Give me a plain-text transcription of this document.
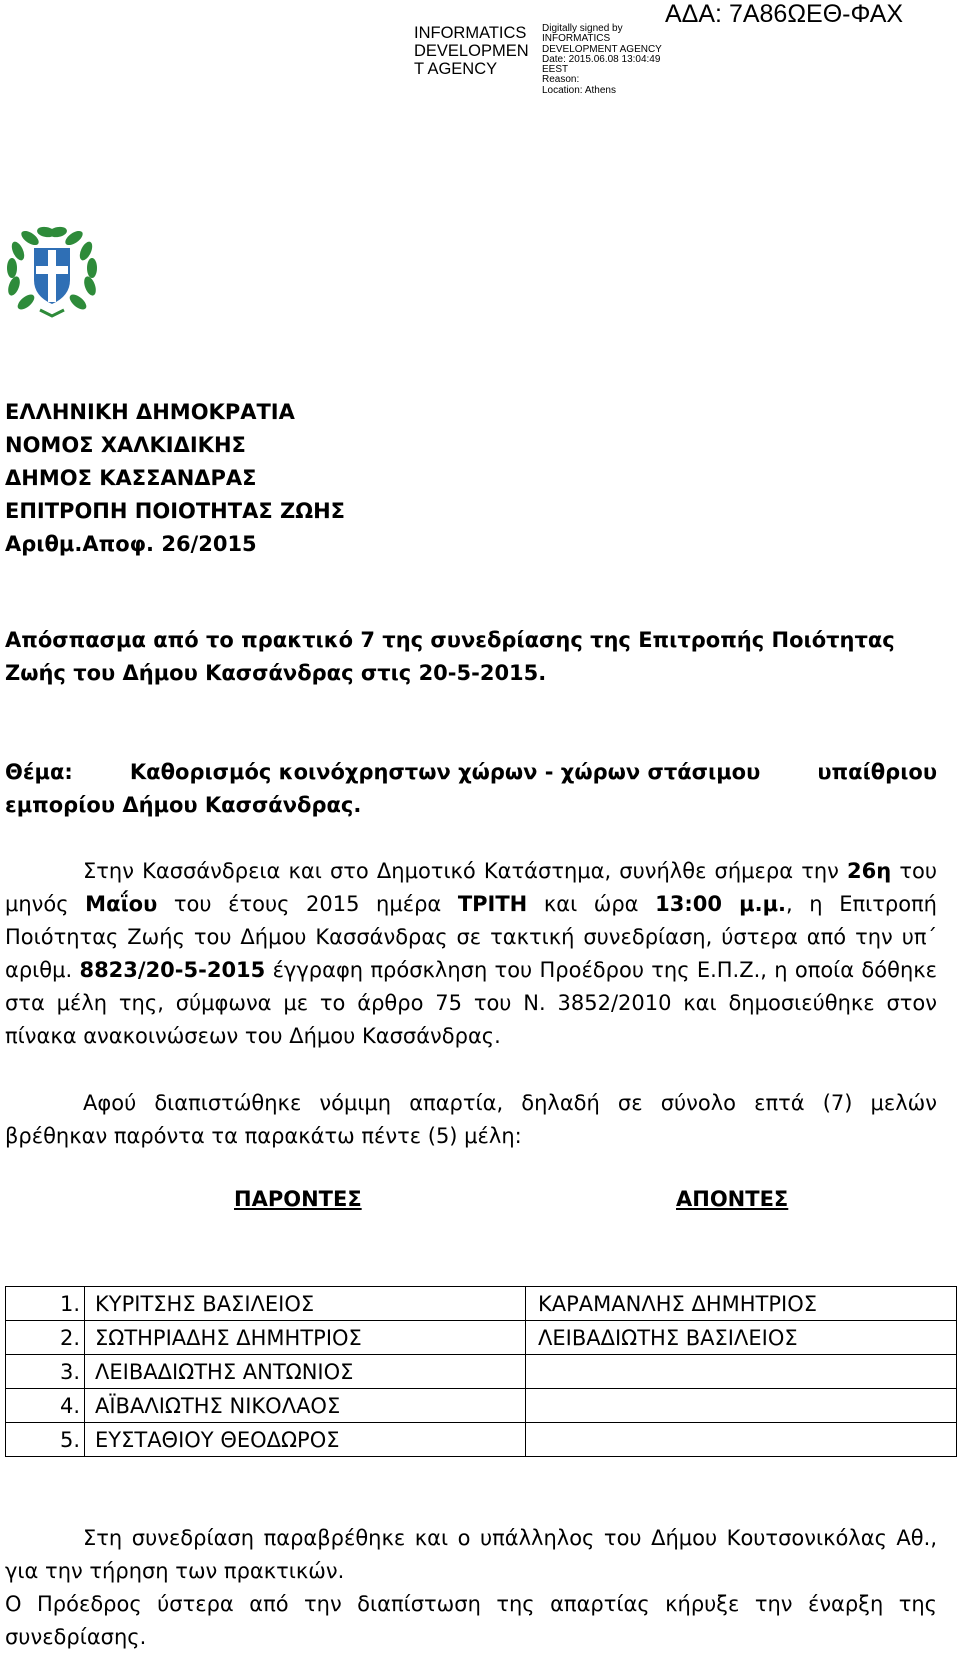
ΑΔΑ: 7Α86ΩΕΘ-ΦΑΧ
INFORMATICS
DEVELOPMEN
T AGENCY
Digitally signed by
INFORMATICS
DEVELOPMENT AGENCY
Date: 2015.06.08 13:04:49
EEST
Reason:
Location: Athens
ΕΛΛΗΝΙΚΗ ΔΗΜΟΚΡΑΤΙΑ
ΝΟΜΟΣ ΧΑΛΚΙΔΙΚΗΣ
ΔΗΜΟΣ ΚΑΣΣΑΝΔΡΑΣ
ΕΠΙΤΡΟΠΗ ΠΟΙΟΤΗΤΑΣ ΖΩΗΣ
Αριθμ.Αποφ. 26/2015
Απόσπασμα από το πρακτικό 7 της συνεδρίασης της Επιτροπής Ποιότητας Ζωής του Δήμου Κασσάνδρας στις 20-5-2015.
Θέμα:	Καθορισμός κοινόχρηστων χώρων - χώρων στάσιμου	υπαίθριου
εμπορίου Δήμου Κασσάνδρας.
Στην Κασσάνδρεια και στο Δημοτικό Κατάστημα, συνήλθε σήμερα την 26η του μηνός Μαΐου του έτους 2015 ημέρα ΤΡΙΤΗ και ώρα 13:00 μ.μ., η Επιτροπή Ποιότητας Ζωής του Δήμου Κασσάνδρας σε τακτική συνεδρίαση, ύστερα από την υπ΄ αριθμ. 8823/20-5-2015 έγγραφη πρόσκληση του Προέδρου της Ε.Π.Ζ., η οποία δόθηκε στα μέλη της, σύμφωνα με το άρθρο 75 του Ν. 3852/2010 και δημοσιεύθηκε στον πίνακα ανακοινώσεων του Δήμου Κασσάνδρας.
Αφού διαπιστώθηκε νόμιμη απαρτία, δηλαδή σε σύνολο επτά (7) μελών βρέθηκαν παρόντα τα παρακάτω πέντε (5) μέλη:
ΠΑΡΟΝΤΕΣ	ΑΠΟΝΤΕΣ
1.	ΚΥΡΙΤΣΗΣ ΒΑΣΙΛΕΙΟΣ	ΚΑΡΑΜΑΝΛΗΣ ΔΗΜΗΤΡΙΟΣ
2.	ΣΩΤΗΡΙΑΔΗΣ ΔΗΜΗΤΡΙΟΣ	ΛΕΙΒΑΔΙΩΤΗΣ ΒΑΣΙΛΕΙΟΣ
3.	ΛΕΙΒΑΔΙΩΤΗΣ ΑΝΤΩΝΙΟΣ	
4.	ΑΪΒΑΛΙΩΤΗΣ ΝΙΚΟΛΑΟΣ	
5.	ΕΥΣΤΑΘΙΟΥ ΘΕΟΔΩΡΟΣ	
Στη συνεδρίαση παραβρέθηκε και ο υπάλληλος του Δήμου Κουτσονικόλας Αθ., για την τήρηση των πρακτικών.
Ο Πρόεδρος ύστερα από την διαπίστωση της απαρτίας κήρυξε την έναρξη της συνεδρίασης.
